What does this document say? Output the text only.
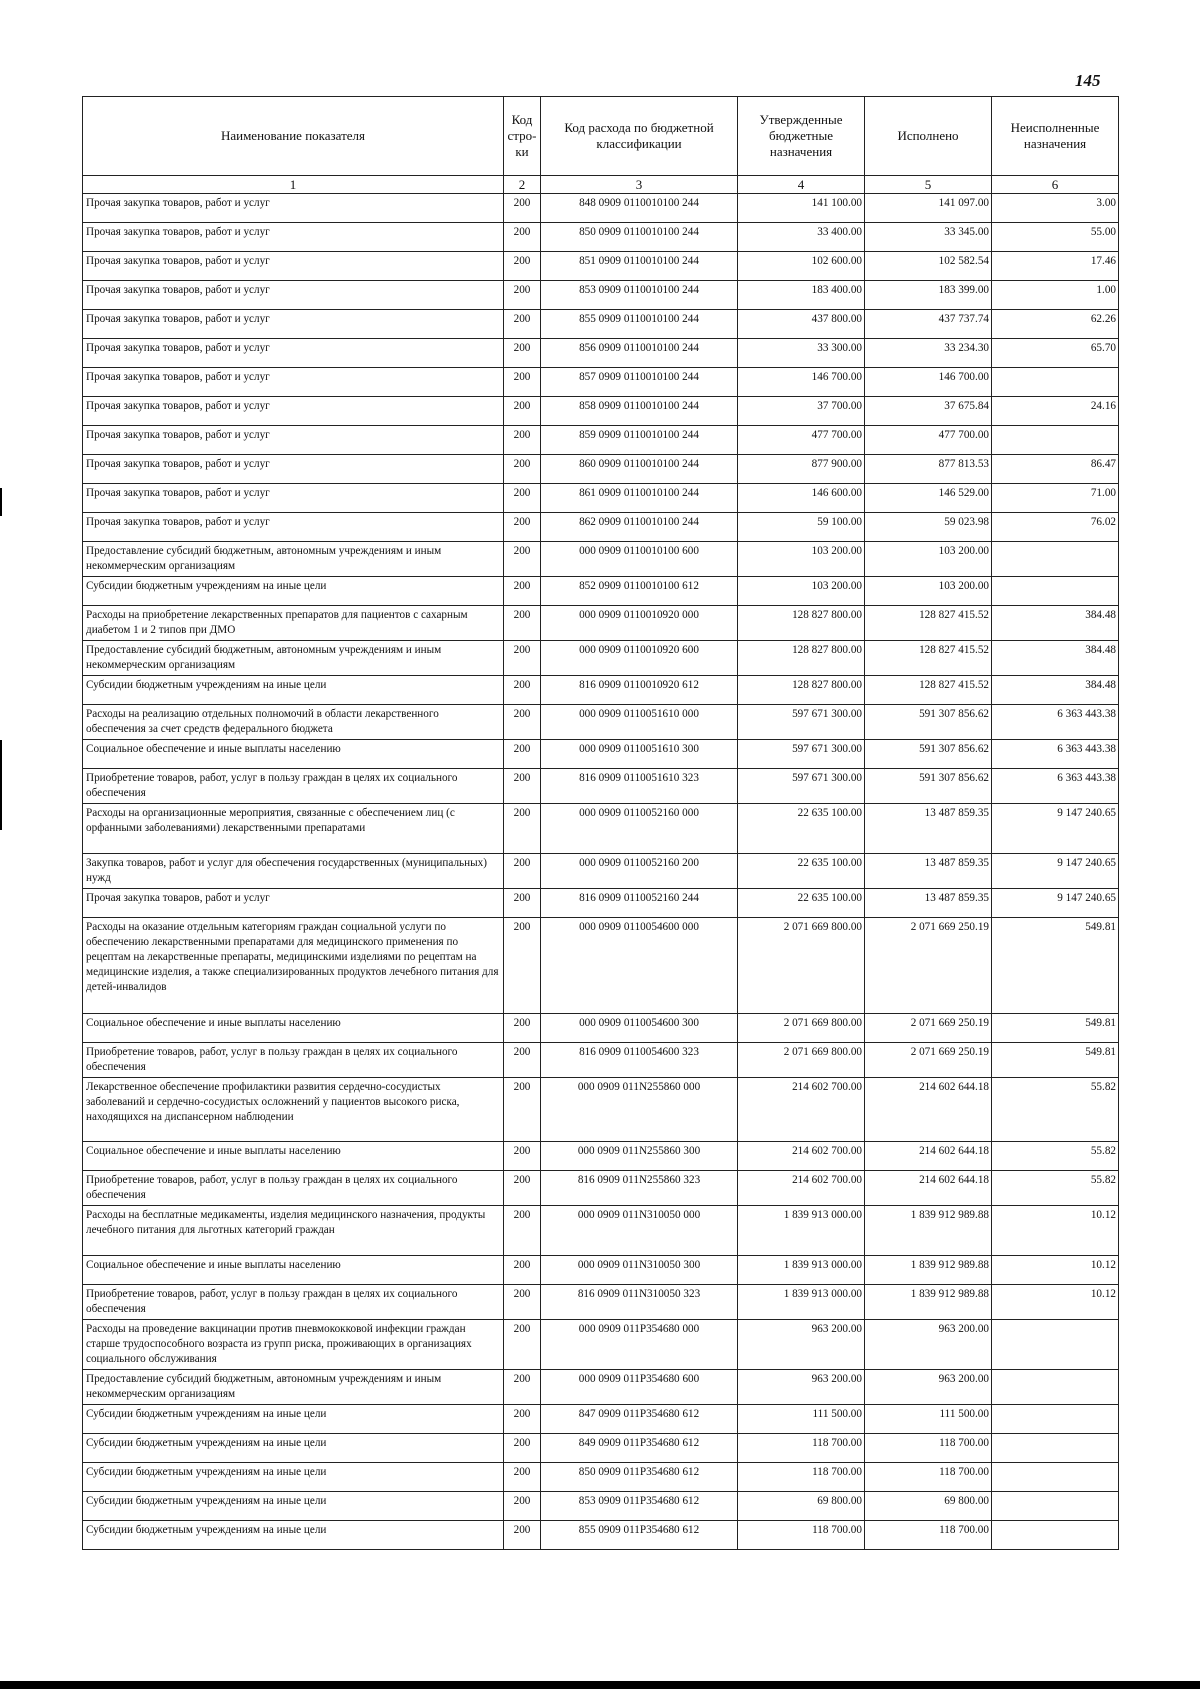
145
Наименование показателя	Код стро-ки	Код расхода по бюджетной классификации	Утвержденные бюджетные назначения	Исполнено	Неисполненные назначения
1	2	3	4	5	6
Прочая закупка товаров, работ и услуг	200	848 0909 0110010100 244	141 100.00	141 097.00	3.00
Прочая закупка товаров, работ и услуг	200	850 0909 0110010100 244	33 400.00	33 345.00	55.00
Прочая закупка товаров, работ и услуг	200	851 0909 0110010100 244	102 600.00	102 582.54	17.46
Прочая закупка товаров, работ и услуг	200	853 0909 0110010100 244	183 400.00	183 399.00	1.00
Прочая закупка товаров, работ и услуг	200	855 0909 0110010100 244	437 800.00	437 737.74	62.26
Прочая закупка товаров, работ и услуг	200	856 0909 0110010100 244	33 300.00	33 234.30	65.70
Прочая закупка товаров, работ и услуг	200	857 0909 0110010100 244	146 700.00	146 700.00	
Прочая закупка товаров, работ и услуг	200	858 0909 0110010100 244	37 700.00	37 675.84	24.16
Прочая закупка товаров, работ и услуг	200	859 0909 0110010100 244	477 700.00	477 700.00	
Прочая закупка товаров, работ и услуг	200	860 0909 0110010100 244	877 900.00	877 813.53	86.47
Прочая закупка товаров, работ и услуг	200	861 0909 0110010100 244	146 600.00	146 529.00	71.00
Прочая закупка товаров, работ и услуг	200	862 0909 0110010100 244	59 100.00	59 023.98	76.02
Предоставление субсидий бюджетным, автономным учреждениям и иным некоммерческим организациям	200	000 0909 0110010100 600	103 200.00	103 200.00	
Субсидии бюджетным учреждениям на иные цели	200	852 0909 0110010100 612	103 200.00	103 200.00	
Расходы на приобретение лекарственных препаратов для пациентов с сахарным диабетом 1 и 2 типов при ДМО	200	000 0909 0110010920 000	128 827 800.00	128 827 415.52	384.48
Предоставление субсидий бюджетным, автономным учреждениям и иным некоммерческим организациям	200	000 0909 0110010920 600	128 827 800.00	128 827 415.52	384.48
Субсидии бюджетным учреждениям на иные цели	200	816 0909 0110010920 612	128 827 800.00	128 827 415.52	384.48
Расходы на реализацию отдельных полномочий в области лекарственного обеспечения за счет средств федерального бюджета	200	000 0909 0110051610 000	597 671 300.00	591 307 856.62	6 363 443.38
Социальное обеспечение и иные выплаты населению	200	000 0909 0110051610 300	597 671 300.00	591 307 856.62	6 363 443.38
Приобретение товаров, работ, услуг в пользу граждан в целях их социального обеспечения	200	816 0909 0110051610 323	597 671 300.00	591 307 856.62	6 363 443.38
Расходы на организационные мероприятия, связанные с обеспечением лиц (с орфанными заболеваниями) лекарственными препаратами	200	000 0909 0110052160 000	22 635 100.00	13 487 859.35	9 147 240.65
Закупка товаров, работ и услуг для обеспечения государственных (муниципальных) нужд	200	000 0909 0110052160 200	22 635 100.00	13 487 859.35	9 147 240.65
Прочая закупка товаров, работ и услуг	200	816 0909 0110052160 244	22 635 100.00	13 487 859.35	9 147 240.65
Расходы на оказание отдельным категориям граждан социальной услуги по обеспечению лекарственными препаратами для медицинского применения по рецептам на лекарственные препараты, медицинскими изделиями по рецептам на медицинские изделия, а также специализированных продуктов лечебного питания для детей-инвалидов	200	000 0909 0110054600 000	2 071 669 800.00	2 071 669 250.19	549.81
Социальное обеспечение и иные выплаты населению	200	000 0909 0110054600 300	2 071 669 800.00	2 071 669 250.19	549.81
Приобретение товаров, работ, услуг в пользу граждан в целях их социального обеспечения	200	816 0909 0110054600 323	2 071 669 800.00	2 071 669 250.19	549.81
Лекарственное обеспечение профилактики развития сердечно-сосудистых заболеваний и сердечно-сосудистых осложнений у пациентов высокого риска, находящихся на диспансерном наблюдении	200	000 0909 011N255860 000	214 602 700.00	214 602 644.18	55.82
Социальное обеспечение и иные выплаты населению	200	000 0909 011N255860 300	214 602 700.00	214 602 644.18	55.82
Приобретение товаров, работ, услуг в пользу граждан в целях их социального обеспечения	200	816 0909 011N255860 323	214 602 700.00	214 602 644.18	55.82
Расходы на бесплатные медикаменты, изделия медицинского назначения, продукты лечебного питания для льготных категорий граждан	200	000 0909 011N310050 000	1 839 913 000.00	1 839 912 989.88	10.12
Социальное обеспечение и иные выплаты населению	200	000 0909 011N310050 300	1 839 913 000.00	1 839 912 989.88	10.12
Приобретение товаров, работ, услуг в пользу граждан в целях их социального обеспечения	200	816 0909 011N310050 323	1 839 913 000.00	1 839 912 989.88	10.12
Расходы на проведение вакцинации против пневмококковой инфекции граждан старше трудоспособного возраста из групп риска, проживающих в организациях социального обслуживания	200	000 0909 011P354680 000	963 200.00	963 200.00	
Предоставление субсидий бюджетным, автономным учреждениям и иным некоммерческим организациям	200	000 0909 011P354680 600	963 200.00	963 200.00	
Субсидии бюджетным учреждениям на иные цели	200	847 0909 011P354680 612	111 500.00	111 500.00	
Субсидии бюджетным учреждениям на иные цели	200	849 0909 011P354680 612	118 700.00	118 700.00	
Субсидии бюджетным учреждениям на иные цели	200	850 0909 011P354680 612	118 700.00	118 700.00	
Субсидии бюджетным учреждениям на иные цели	200	853 0909 011P354680 612	69 800.00	69 800.00	
Субсидии бюджетным учреждениям на иные цели	200	855 0909 011P354680 612	118 700.00	118 700.00	
